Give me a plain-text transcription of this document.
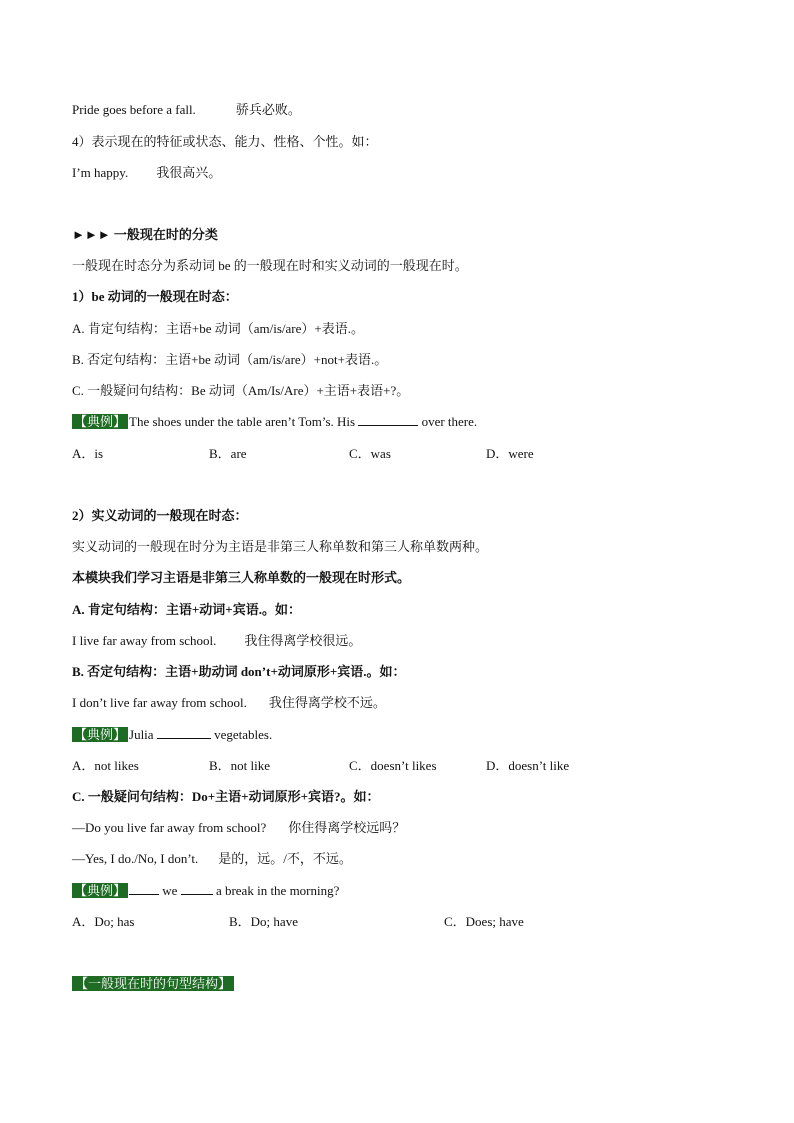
Pride goes before a fall.	骄兵必败。
4）表示现在的特征或状态、能力、性格、个性。如：
I’m happy. 我很高兴。
►►► 一般现在时的分类
一般现在时态分为系动词 be 的一般现在时和实义动词的一般现在时。
1）be 动词的一般现在时态：
A. 肯定句结构：主语+be 动词（am/is/are）+表语.。
B. 否定句结构：主语+be 动词（am/is/are）+not+表语.。
C. 一般疑问句结构：Be 动词（Am/Is/Are）+主语+表语+?。
【典例】 The shoes under the table aren’t Tom’s. His	over there.
A．is	B．are	C．was	D．were
2）实义动词的一般现在时态：
实义动词的一般现在时分为主语是非第三人称单数和第三人称单数两种。
本模块我们学习主语是非第三人称单数的一般现在时形式。
A. 肯定句结构：主语+动词+宾语.。如：
I live far away from school. 我住得离学校很远。
B. 否定句结构：主语+助动词 don’t+动词原形+宾语.。如：
I don’t live far away from school. 我住得离学校不远。
【典例】 Julia	vegetables.
A．not likes	B．not like	C．doesn’t likes	D．doesn’t like
C. 一般疑问句结构：Do+主语+动词原形+宾语?。如：
—Do you live far away from school? 你住得离学校远吗？
—Yes, I do./No, I don’t. 是的，远。/不，不远。
【典例】	we	a break in the morning?
A．Do; has	B．Do; have	C．Does; have
【一般现在时的句型结构】
